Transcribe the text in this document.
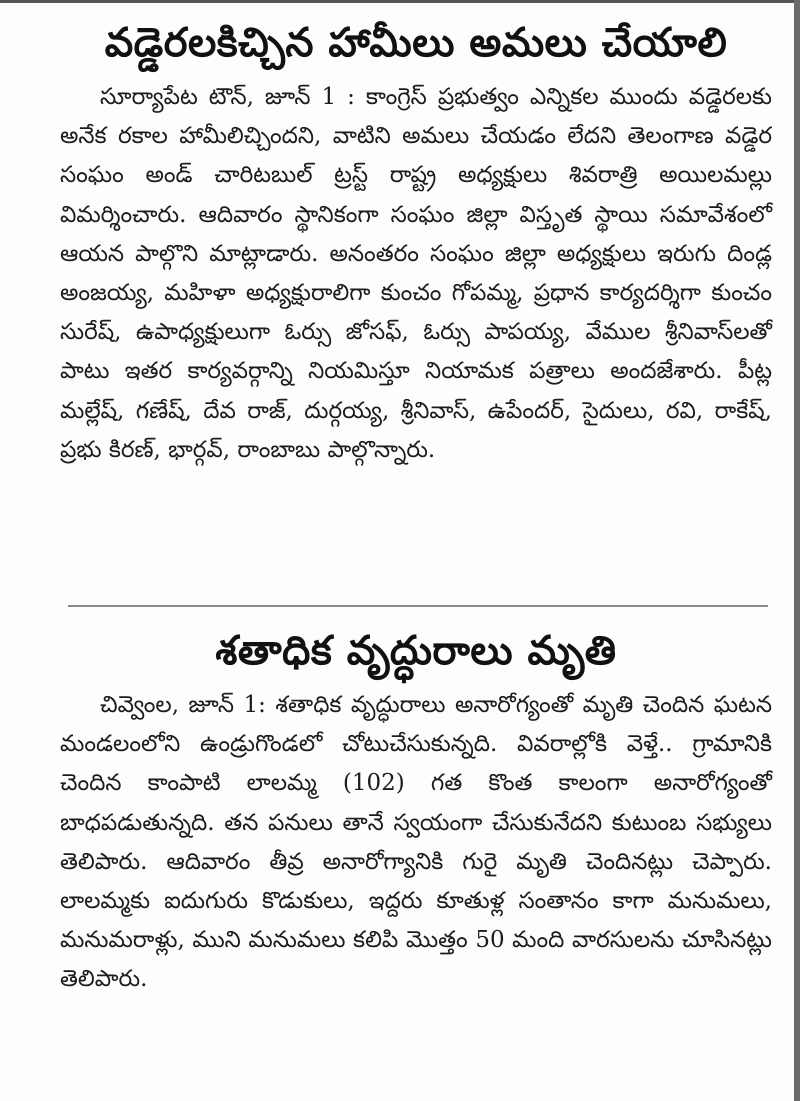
వడ్డెరలకిచ్చిన హామీలు అమలు చేయాలి

సూర్యాపేట టౌన్, జూన్ 1 : కాంగ్రెస్ ప్రభుత్వం ఎన్నికల ముందు వడ్డెరలకు అనేక రకాల హామీలిచ్చిందని, వాటిని అమలు చేయడం లేదని తెలంగాణ వడ్డెర సంఘం అండ్ చారిటబుల్ ట్రస్ట్ రాష్ట్ర అధ్యక్షులు శివరాత్రి అయిలమల్లు విమర్శించారు. ఆదివారం స్థానికంగా సంఘం జిల్లా విస్తృత స్థాయి సమావేశంలో ఆయన పాల్గొని మాట్లాడారు. అనంతరం సంఘం జిల్లా అధ్యక్షులు ఇరుగు దిండ్ల అంజయ్య, మహిళా అధ్యక్షురాలిగా కుంచం గోపమ్మ, ప్రధాన కార్యదర్శిగా కుంచం సురేష్, ఉపాధ్యక్షులుగా ఓర్సు జోసఫ్, ఓర్సు పాపయ్య, వేముల శ్రీనివాస్‌లతో పాటు ఇతర కార్యవర్గాన్ని నియమిస్తూ నియామక పత్రాలు అందజేశారు. పీట్ల మల్లేష్, గణేష్, దేవ రాజ్, దుర్గయ్య, శ్రీనివాస్, ఉపేందర్, సైదులు, రవి, రాకేష్, ప్రభు కిరణ్, భార్గవ్, రాంబాబు పాల్గొన్నారు.

శతాధిక వృద్ధురాలు మృతి

చివ్వెంల, జూన్ 1: శతాధిక వృద్ధురాలు అనారోగ్యంతో మృతి చెందిన ఘటన మండలంలోని ఉండ్రుగొండలో చోటుచేసుకున్నది. వివరాల్లోకి వెళ్తే.. గ్రామానికి చెందిన కాంపాటి లాలమ్మ (102) గత కొంత కాలంగా అనారోగ్యంతో బాధపడుతున్నది. తన పనులు తానే స్వయంగా చేసుకునేదని కుటుంబ సభ్యులు తెలిపారు. ఆదివారం తీవ్ర అనారోగ్యానికి గురై మృతి చెందినట్లు చెప్పారు. లాలమ్మకు ఐదుగురు కొడుకులు, ఇద్దరు కూతుళ్ల సంతానం కాగా మనుమలు, మనుమరాళ్లు, ముని మనుమలు కలిపి మొత్తం 50 మంది వారసులను చూసినట్లు తెలిపారు.
